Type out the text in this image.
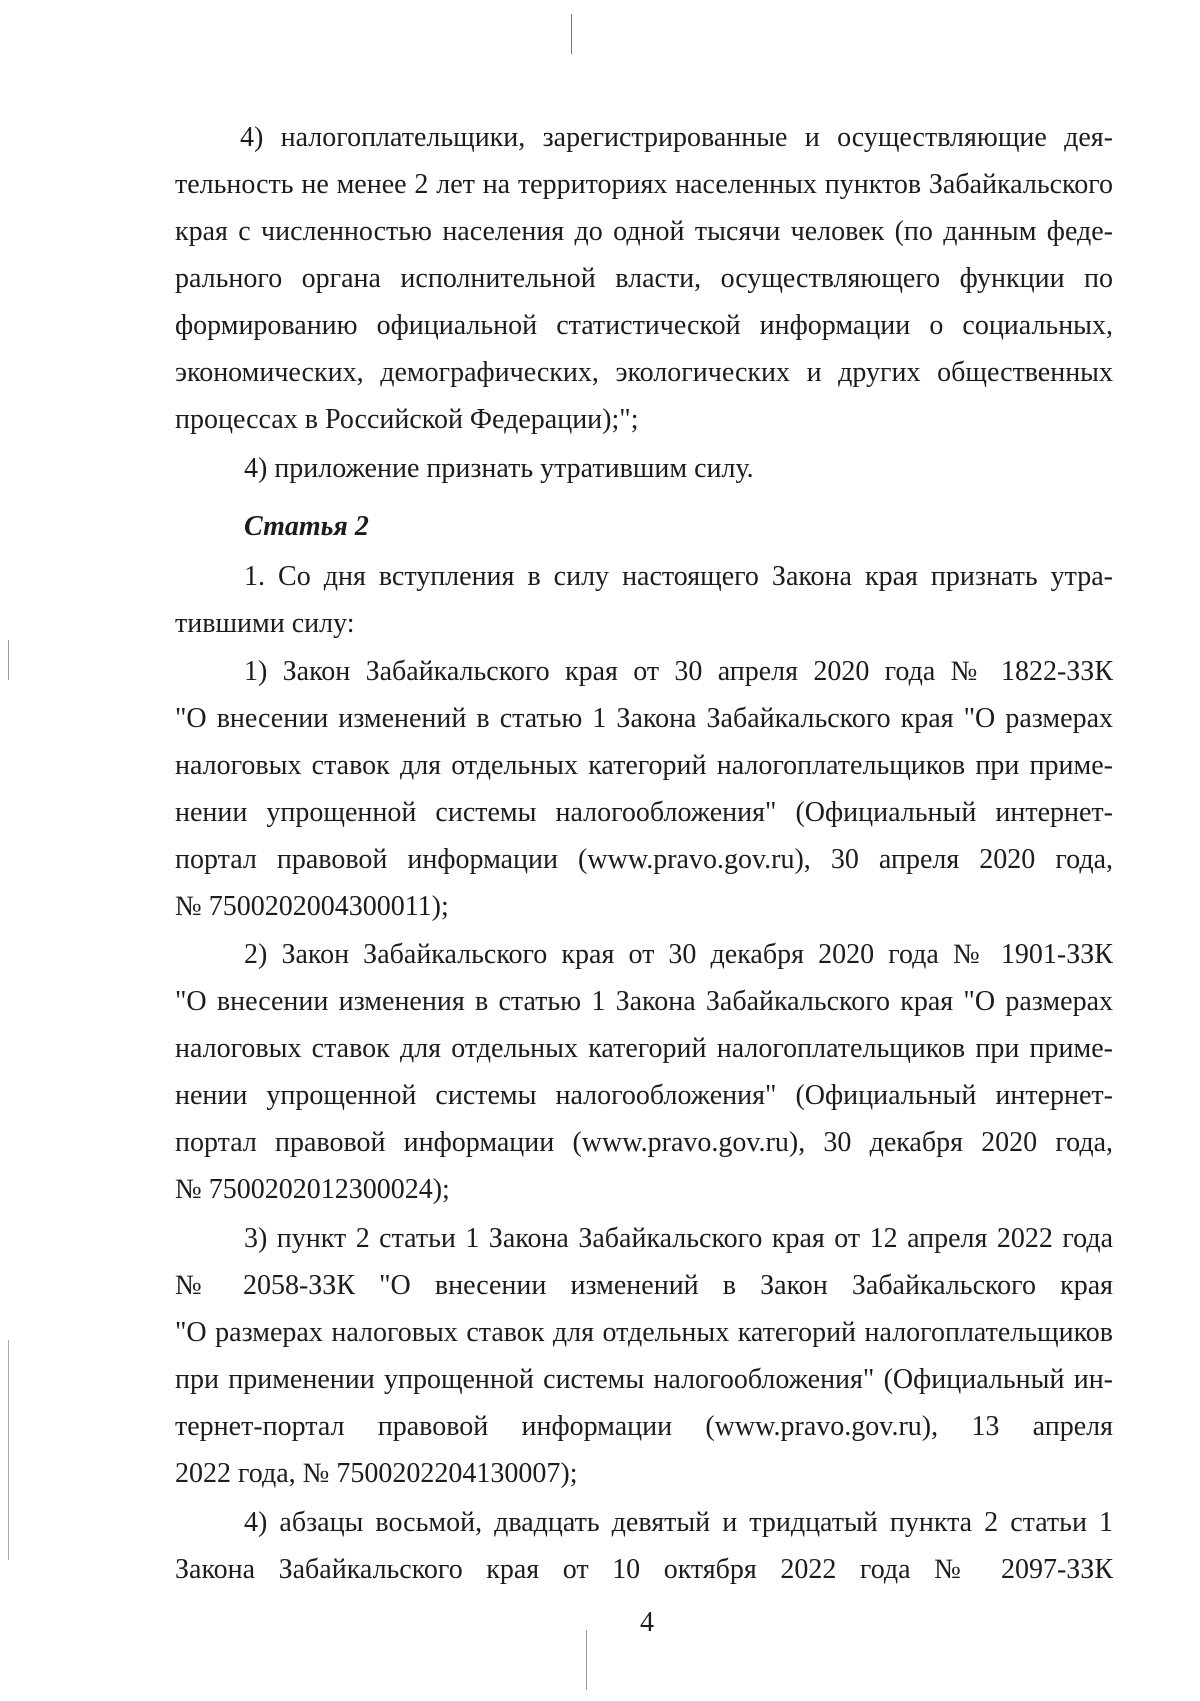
4) налогоплательщики, зарегистрированные и осуществляющие дея-
тельность не менее 2 лет на территориях населенных пунктов Забайкальского
края с численностью населения до одной тысячи человек (по данным феде-
рального органа исполнительной власти, осуществляющего функции по
формированию официальной статистической информации о социальных,
экономических, демографических, экологических и других общественных
процессах в Российской Федерации);";
4) приложение признать утратившим силу.
Статья 2
1. Со дня вступления в силу настоящего Закона края признать утра-
тившими силу:
1) Закон Забайкальского края от 30 апреля 2020 года № 1822-ЗЗК
"О внесении изменений в статью 1 Закона Забайкальского края "О размерах
налоговых ставок для отдельных категорий налогоплательщиков при приме-
нении упрощенной системы налогообложения" (Официальный интернет-
портал правовой информации (www.pravo.gov.ru), 30 апреля 2020 года,
№ 7500202004300011);
2) Закон Забайкальского края от 30 декабря 2020 года № 1901-ЗЗК
"О внесении изменения в статью 1 Закона Забайкальского края "О размерах
налоговых ставок для отдельных категорий налогоплательщиков при приме-
нении упрощенной системы налогообложения" (Официальный интернет-
портал правовой информации (www.pravo.gov.ru), 30 декабря 2020 года,
№ 7500202012300024);
3) пункт 2 статьи 1 Закона Забайкальского края от 12 апреля 2022 года
№ 2058-ЗЗК "О внесении изменений в Закон Забайкальского края
"О размерах налоговых ставок для отдельных категорий налогоплательщиков
при применении упрощенной системы налогообложения" (Официальный ин-
тернет-портал правовой информации (www.pravo.gov.ru), 13 апреля
2022 года, № 7500202204130007);
4) абзацы восьмой, двадцать девятый и тридцатый пункта 2 статьи 1
Закона Забайкальского края от 10 октября 2022 года № 2097-ЗЗК
4
